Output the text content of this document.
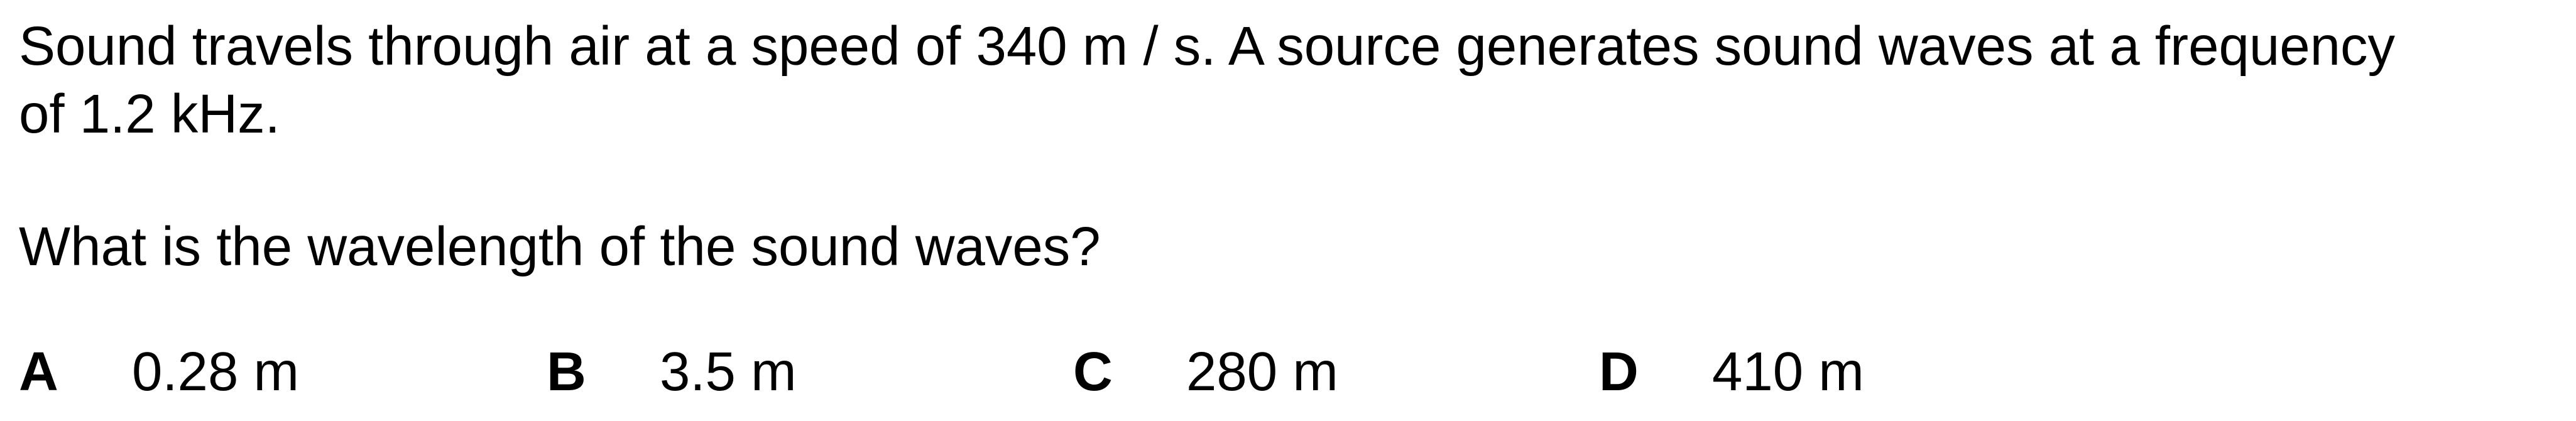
Sound travels through air at a speed of 340 m / s. A source generates sound waves at a frequency
of 1.2 kHz.
What is the wavelength of the sound waves?
A 0.28 m	B 3.5 m	C 280 m	D 410 m
